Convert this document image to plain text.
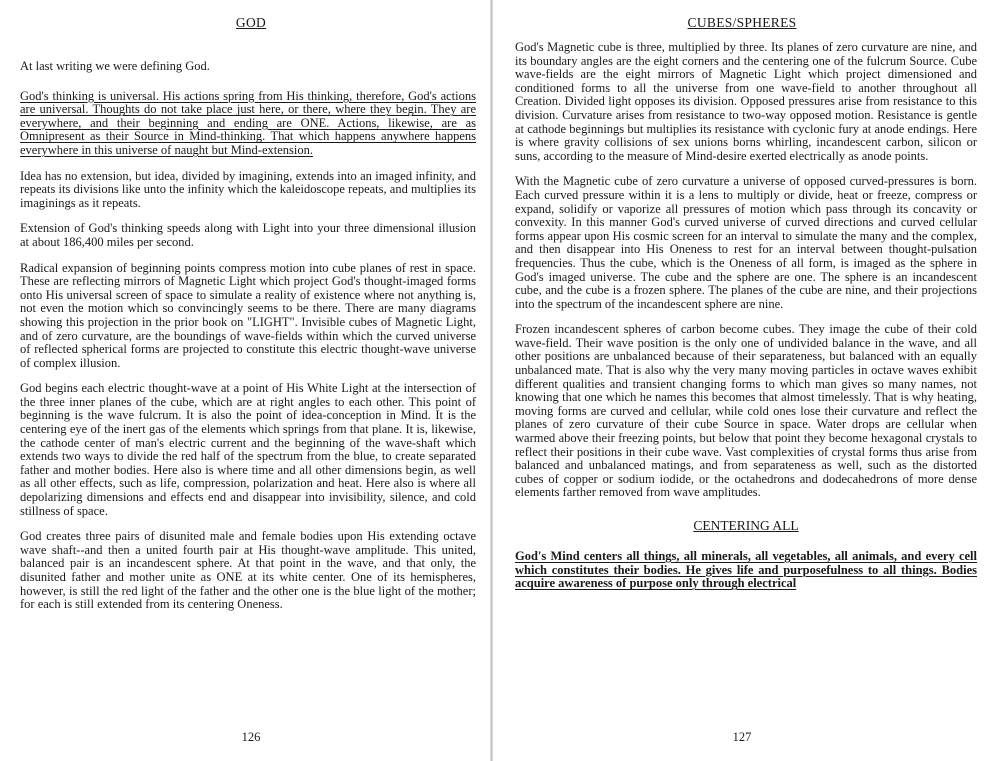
GOD

At last writing we were defining God.

God's thinking is universal. His actions spring from His thinking, therefore, God's actions are universal. Thoughts do not take place just here, or there, where they begin. They are everywhere, and their beginning and ending are ONE. Actions, likewise, are as Omnipresent as their Source in Mind-thinking. That which happens anywhere happens everywhere in this universe of naught but Mind-extension.

Idea has no extension, but idea, divided by imagining, extends into an imaged infinity, and repeats its divisions like unto the infinity which the kaleidoscope repeats, and multiplies its imaginings as it repeats.

Extension of God's thinking speeds along with Light into your three dimensional illusion at about 186,400 miles per second.

Radical expansion of beginning points compress motion into cube planes of rest in space. These are reflecting mirrors of Magnetic Light which project God's thought-imaged forms onto His universal screen of space to simulate a reality of existence where not anything is, not even the motion which so convincingly seems to be there. There are many diagrams showing this projection in the prior book on "LIGHT". Invisible cubes of Magnetic Light, and of zero curvature, are the boundings of wave-fields within which the curved universe of reflected spherical forms are projected to constitute this electric thought-wave universe of complex illusion.

God begins each electric thought-wave at a point of His White Light at the intersection of the three inner planes of the cube, which are at right angles to each other. This point of beginning is the wave fulcrum. It is also the point of idea-conception in Mind. It is the centering eye of the inert gas of the elements which springs from that plane. It is, likewise, the cathode center of man's electric current and the beginning of the wave-shaft which extends two ways to divide the red half of the spectrum from the blue, to create separated father and mother bodies. Here also is where time and all other dimensions begin, as well as all other effects, such as life, compression, polarization and heat. Here also is where all depolarizing dimensions and effects end and disappear into invisibility, silence, and cold stillness of space.

God creates three pairs of disunited male and female bodies upon His extending octave wave shaft--and then a united fourth pair at His thought-wave amplitude. This united, balanced pair is an incandescent sphere. At that point in the wave, and that only, the disunited father and mother unite as ONE at its white center. One of its hemispheres, however, is still the red light of the father and the other one is the blue light of the mother; for each is still extended from its centering Oneness.

126
CUBES/SPHERES

God's Magnetic cube is three, multiplied by three. Its planes of zero curvature are nine, and its boundary angles are the eight corners and the centering one of the fulcrum Source. Cube wave-fields are the eight mirrors of Magnetic Light which project dimensioned and conditioned forms to all the universe from one wave-field to another throughout all Creation. Divided light opposes its division. Opposed pressures arise from resistance to this division. Curvature arises from resistance to two-way opposed motion. Resistance is gentle at cathode beginnings but multiplies its resistance with cyclonic fury at anode endings. Here is where gravity collisions of sex unions borns whirling, incandescent carbon, silicon or suns, according to the measure of Mind-desire exerted electrically as anode points.

With the Magnetic cube of zero curvature a universe of opposed curved-pressures is born. Each curved pressure within it is a lens to multiply or divide, heat or freeze, compress or expand, solidify or vaporize all pressures of motion which pass through its concavity or convexity. In this manner God's curved universe of curved directions and curved cellular forms appear upon His cosmic screen for an interval to simulate the many and the complex, and then disappear into His Oneness to rest for an interval between thought-pulsation frequencies. Thus the cube, which is the Oneness of all form, is imaged as the sphere in God's imaged universe. The cube and the sphere are one. The sphere is an incandescent cube, and the cube is a frozen sphere. The planes of the cube are nine, and their projections into the spectrum of the incandescent sphere are nine.

Frozen incandescent spheres of carbon become cubes. They image the cube of their cold wave-field. Their wave position is the only one of undivided balance in the wave, and all other positions are unbalanced because of their separateness, but balanced with an equally unbalanced mate. That is also why the very many moving particles in octave waves exhibit different qualities and transient changing forms to which man gives so many names, not knowing that one which he names this becomes that almost timelessly. That is why heating, moving forms are curved and cellular, while cold ones lose their curvature and reflect the planes of zero curvature of their cube Source in space. Water drops are cellular when warmed above their freezing points, but below that point they become hexagonal crystals to reflect their positions in their cube wave. Vast complexities of crystal forms thus arise from balanced and unbalanced matings, and from separateness as well, such as the distorted cubes of copper or sodium iodide, or the octahedrons and dodecahedrons of more dense elements farther removed from wave amplitudes.

CENTERING ALL

God's Mind centers all things, all minerals, all vegetables, all animals, and every cell which constitutes their bodies. He gives life and purposefulness to all things. Bodies acquire awareness of purpose only through electrical

127
